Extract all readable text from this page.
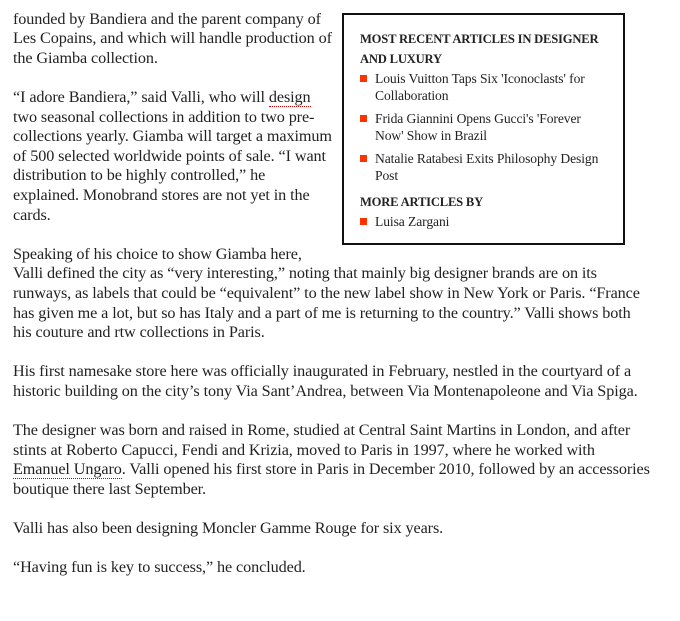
MOST RECENT ARTICLES IN DESIGNER AND LUXURY
Louis Vuitton Taps Six 'Iconoclasts' for Collaboration
Frida Giannini Opens Gucci's 'Forever Now' Show in Brazil
Natalie Ratabesi Exits Philosophy Design Post
MORE ARTICLES BY
Luisa Zargani

founded by Bandiera and the parent company of Les Copains, and which will handle production of the Giamba collection.

“I adore Bandiera,” said Valli, who will design two seasonal collections in addition to two pre-collections yearly. Giamba will target a maximum of 500 selected worldwide points of sale. “I want distribution to be highly controlled,” he explained. Monobrand stores are not yet in the cards.

Speaking of his choice to show Giamba here, Valli defined the city as “very interesting,” noting that mainly big designer brands are on its runways, as labels that could be “equivalent” to the new label show in New York or Paris. “France has given me a lot, but so has Italy and a part of me is returning to the country.” Valli shows both his couture and rtw collections in Paris.

His first namesake store here was officially inaugurated in February, nestled in the courtyard of a historic building on the city’s tony Via Sant’Andrea, between Via Montenapoleone and Via Spiga.

The designer was born and raised in Rome, studied at Central Saint Martins in London, and after stints at Roberto Capucci, Fendi and Krizia, moved to Paris in 1997, where he worked with Emanuel Ungaro. Valli opened his first store in Paris in December 2010, followed by an accessories boutique there last September.

Valli has also been designing Moncler Gamme Rouge for six years.

“Having fun is key to success,” he concluded.
